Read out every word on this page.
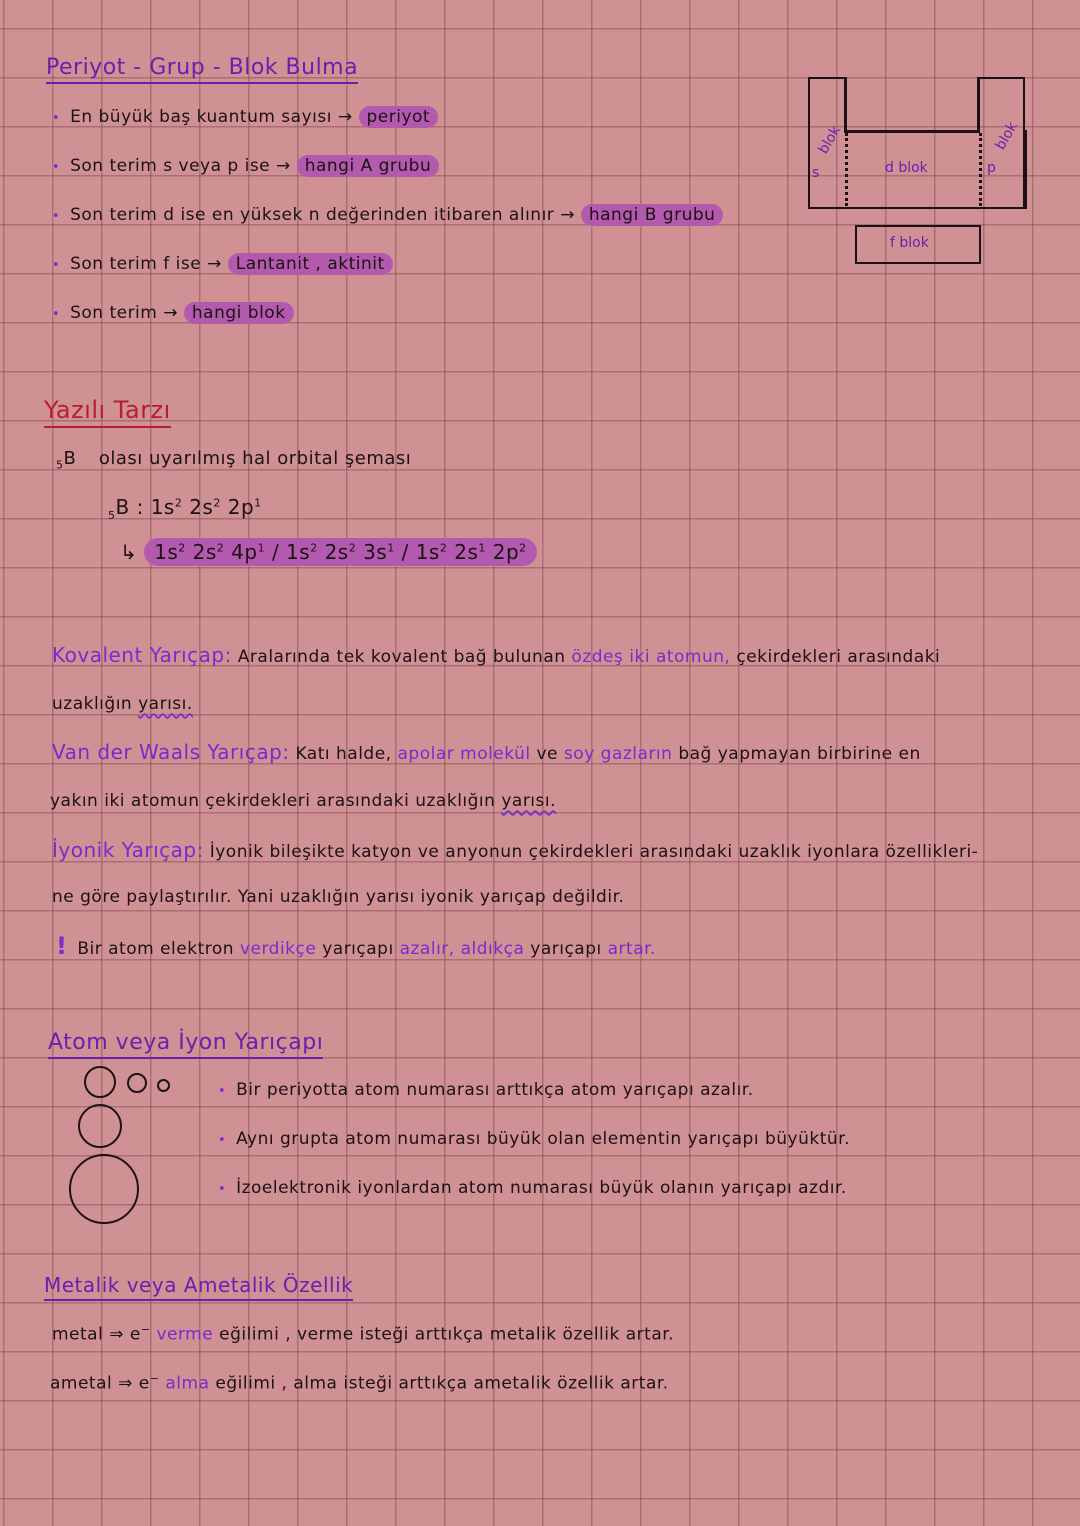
Periyot - Grup - Blok Bulma
• En büyük baş kuantum sayısı → periyot
• Son terim s veya p ise → hangi A grubu
• Son terim d ise en yüksek n değerinden itibaren alınır → hangi B grubu
• Son terim f ise → Lantanit , aktinit
• Son terim → hangi blok
s
blok
d blok	p
blok
f blok
Yazılı Tarzı
$_5$B olası uyarılmış hal orbital şeması
$_5$B : $1s^2$ $2s^2$ $2p^1$
↳ $1s^2$ $2s^2$ $4p^1 / 1s^2$ $2s^2$ $3s^1 / 1s^2$ $2s^1$ $2p^2$
Kovalent Yarıçap: Aralarında tek kovalent bağ bulunan özdeş iki atomun, çekirdekleri arasındaki
uzaklığın yarısı.
Van der Waals Yarıçap: Katı halde, apolar molekül ve soy gazların bağ yapmayan birbirine en
yakın iki atomun çekirdekleri arasındaki uzaklığın yarısı.
İyonik Yarıçap: İyonik bileşikte katyon ve anyonun çekirdekleri arasındaki uzaklık iyonlara özellikleri-
ne göre paylaştırılır. Yani uzaklığın yarısı iyonik yarıçap değildir.
! Bir atom elektron verdikçe yarıçapı azalır, aldıkça yarıçapı artar.
Atom veya İyon Yarıçapı
• Bir periyotta atom numarası arttıkça atom yarıçapı azalır.
• Aynı grupta atom numarası büyük olan elementin yarıçapı büyüktür.
• İzoelektronik iyonlardan atom numarası büyük olanın yarıçapı azdır.
Metalik veya Ametalik Özellik
metal ⇒ e− verme eğilimi , verme isteği arttıkça metalik özellik artar.
ametal ⇒ e− alma eğilimi , alma isteği arttıkça ametalik özellik artar.
